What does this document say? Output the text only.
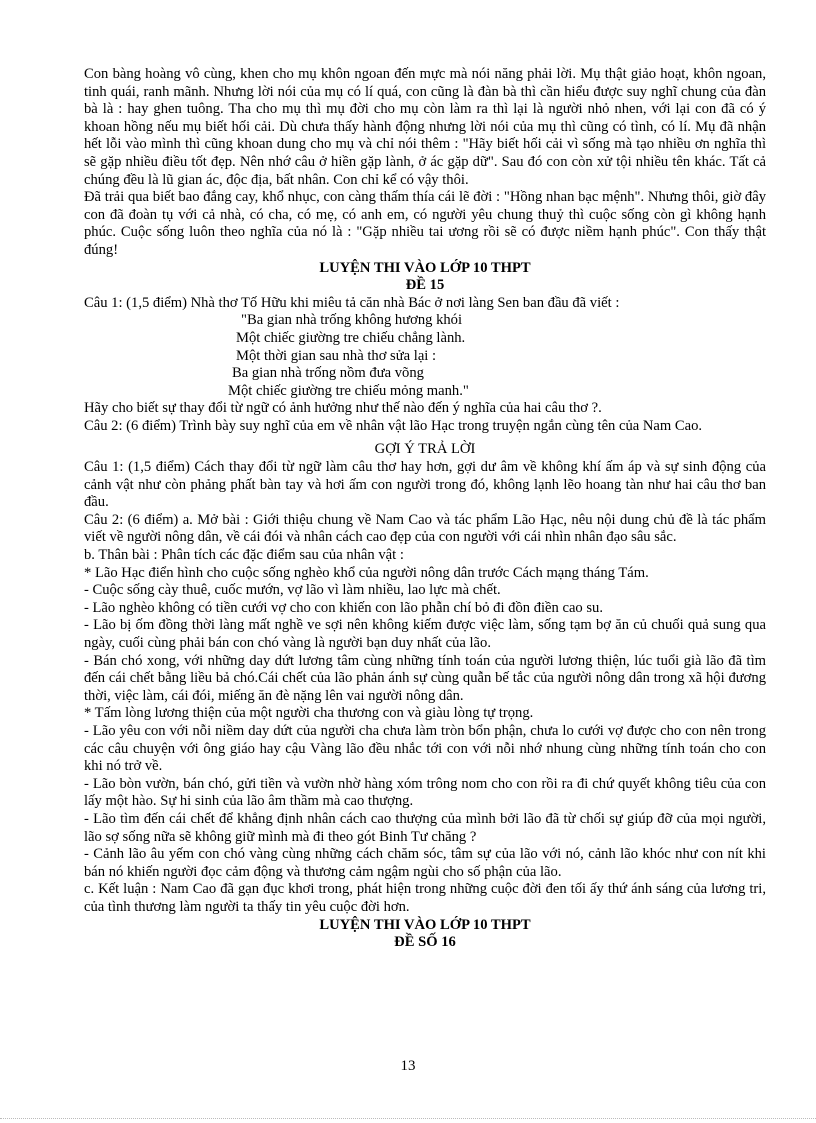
Con bàng hoàng vô cùng, khen cho mụ khôn ngoan đến mực mà nói năng phải lời. Mụ thật giảo hoạt, khôn ngoan, tinh quái, ranh mãnh. Nhưng lời nói của mụ có lí quá, con cũng là đàn bà thì cần hiểu được suy nghĩ chung của đàn bà là : hay ghen tuông. Tha cho mụ thì mụ đời cho mụ còn làm ra thì lại là người nhỏ nhen, với lại con đã có ý khoan hồng nếu mụ biết hối cải. Dù chưa thấy hành động nhưng lời nói của mụ thì cũng có tình, có lí. Mụ đã nhận hết lỗi vào mình thì cũng khoan dung cho mụ và chỉ nói thêm : "Hãy biết hối cải vì sống mà tạo nhiều ơn nghĩa thì sẽ gặp nhiều điều tốt đẹp. Nên nhớ câu ở hiền gặp lành, ở ác gặp dữ". Sau đó con còn xử tội nhiều tên khác. Tất cả chúng đều là lũ gian ác, độc địa, bất nhân. Con chỉ kể có vậy thôi.

Đã trải qua biết bao đắng cay, khổ nhục, con càng thấm thía cái lẽ đời : "Hồng nhan bạc mệnh". Nhưng thôi, giờ đây con đã đoàn tụ với cả nhà, có cha, có mẹ, có anh em, có người yêu chung thuỷ thì cuộc sống còn gì không hạnh phúc. Cuộc sống luôn theo nghĩa của nó là : "Gặp nhiều tai ương rồi sẽ có được niềm hạnh phúc". Con thấy thật đúng!

LUYỆN THI VÀO LỚP 10 THPT

ĐỀ 15

Câu 1: (1,5 điểm) Nhà thơ Tố Hữu khi miêu tả căn nhà Bác ở nơi làng Sen ban đầu đã viết :

"Ba gian nhà trống không hương khói

Một chiếc giường tre chiếu chẳng lành.

Một thời gian sau nhà thơ sửa lại :

Ba gian nhà trống nồm đưa võng

Một chiếc giường tre chiếu mỏng manh."

Hãy cho biết sự thay đổi từ ngữ có ảnh hưởng như thế nào đến ý nghĩa của hai câu thơ ?.

Câu 2: (6 điểm) Trình bày suy nghĩ của em về nhân vật lão Hạc trong truyện ngắn cùng tên của Nam Cao.

GỢI Ý TRẢ LỜI

Câu 1: (1,5 điểm) Cách thay đổi từ ngữ làm câu thơ hay hơn, gợi dư âm về không khí ấm áp và sự sinh động của cảnh vật như còn phảng phất bàn tay và hơi ấm con người trong đó, không lạnh lẽo hoang tàn như hai câu thơ ban đầu.

Câu 2: (6 điểm) a. Mở bài : Giới thiệu chung về Nam Cao và tác phẩm Lão Hạc, nêu nội dung chủ đề là tác phẩm viết về người nông dân, về cái đói và nhân cách cao đẹp của con người với cái nhìn nhân đạo sâu sắc.

b. Thân bài : Phân tích các đặc điểm sau của nhân vật :

* Lão Hạc điển hình cho cuộc sống nghèo khổ của người nông dân trước Cách mạng tháng Tám.

- Cuộc sống cày thuê, cuốc mướn, vợ lão vì làm nhiều, lao lực mà chết.

- Lão nghèo không có tiền cưới vợ cho con khiến con lão phẫn chí bỏ đi đồn điền cao su.

- Lão bị ốm đồng thời làng mất nghề ve sợi nên không kiếm được việc làm, sống tạm bợ ăn củ chuối quả sung qua ngày, cuối cùng phải bán con chó vàng là người bạn duy nhất của lão.

- Bán chó xong, với những day dứt lương tâm cùng những tính toán của người lương thiện, lúc tuổi già lão đã tìm đến cái chết bằng liều bả chó.Cái chết của lão phản ánh sự cùng quẫn bế tắc của người nông dân trong xã hội đương thời, việc làm, cái đói, miếng ăn đè nặng lên vai người nông dân.

* Tấm lòng lương thiện của một người cha thương con và giàu lòng tự trọng.

- Lão yêu con với nỗi niềm day dứt của người cha chưa làm tròn bổn phận, chưa lo cưới vợ được cho con nên trong các câu chuyện với ông giáo hay cậu Vàng lão đều nhắc tới con với nỗi nhớ nhung cùng những tính toán cho con khi nó trở về.

- Lão bòn vườn, bán chó, gửi tiền và vườn nhờ hàng xóm trông nom cho con rồi ra đi chứ quyết không tiêu của con lấy một hào. Sự hi sinh của lão âm thầm mà cao thượng.

- Lão tìm đến cái chết để khẳng định nhân cách cao thượng của mình bởi lão đã từ chối sự giúp đỡ của mọi người, lão sợ sống nữa sẽ không giữ mình mà đi theo gót Binh Tư chăng ?

- Cảnh lão âu yếm con chó vàng cùng những cách chăm sóc, tâm sự của lão với nó, cảnh lão khóc như con nít khi bán nó khiến người đọc cảm động và thương cảm ngậm ngùi cho số phận của lão.

c. Kết luận : Nam Cao đã gạn đục khơi trong, phát hiện trong những cuộc đời đen tối ấy thứ ánh sáng của lương tri, của tình thương làm người ta thấy tin yêu cuộc đời hơn.

LUYỆN THI VÀO LỚP 10 THPT

ĐỀ SỐ 16

13
